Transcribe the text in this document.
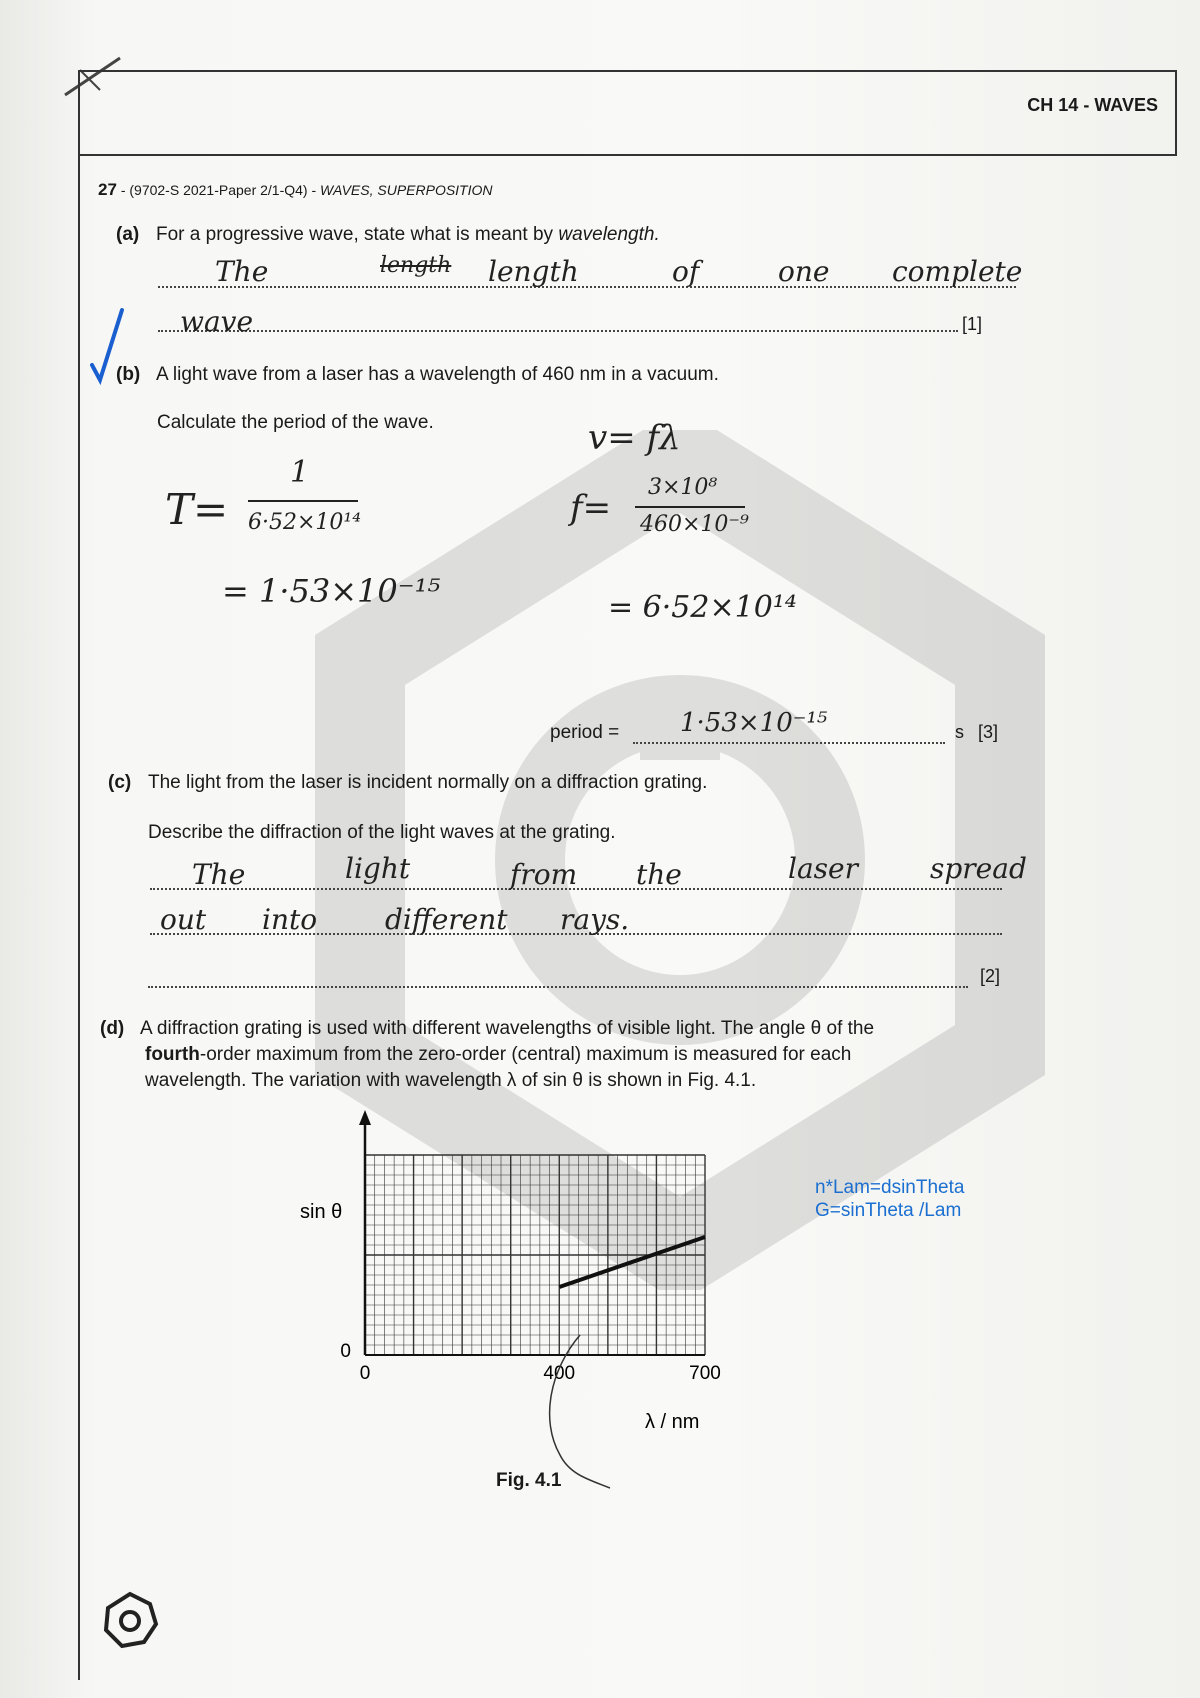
CH 14 - WAVES
27 - (9702-S 2021-Paper 2/1-Q4) - WAVES, SUPERPOSITION
(a) For a progressive wave, state what is meant by wavelength.
The	length length	of	one complete
wave	[1]
(b) A light wave from a laser has a wavelength of 460 nm in a vacuum.
Calculate the period of the wave.	v= fλ
f=
3×10⁸
460×10⁻⁹
= 6·52×10¹⁴
T=
1
6·52×10¹⁴
= 1·53×10⁻¹⁵
period = 1·53×10⁻¹⁵	s [3]
(c) The light from the laser is incident normally on a diffraction grating.
Describe the diffraction of the light waves at the grating.
The	light	from the	laser	spread
out into different rays.
[2]
(d) A diffraction grating is used with different wavelengths of visible light. The angle θ of the
fourth-order maximum from the zero-order (central) maximum is measured for each
wavelength. The variation with wavelength λ of sin θ is shown in Fig. 4.1.
0	400	700
0
sin θ
λ / nm
Fig. 4.1
n*Lam=dsinTheta
G=sinTheta /Lam
